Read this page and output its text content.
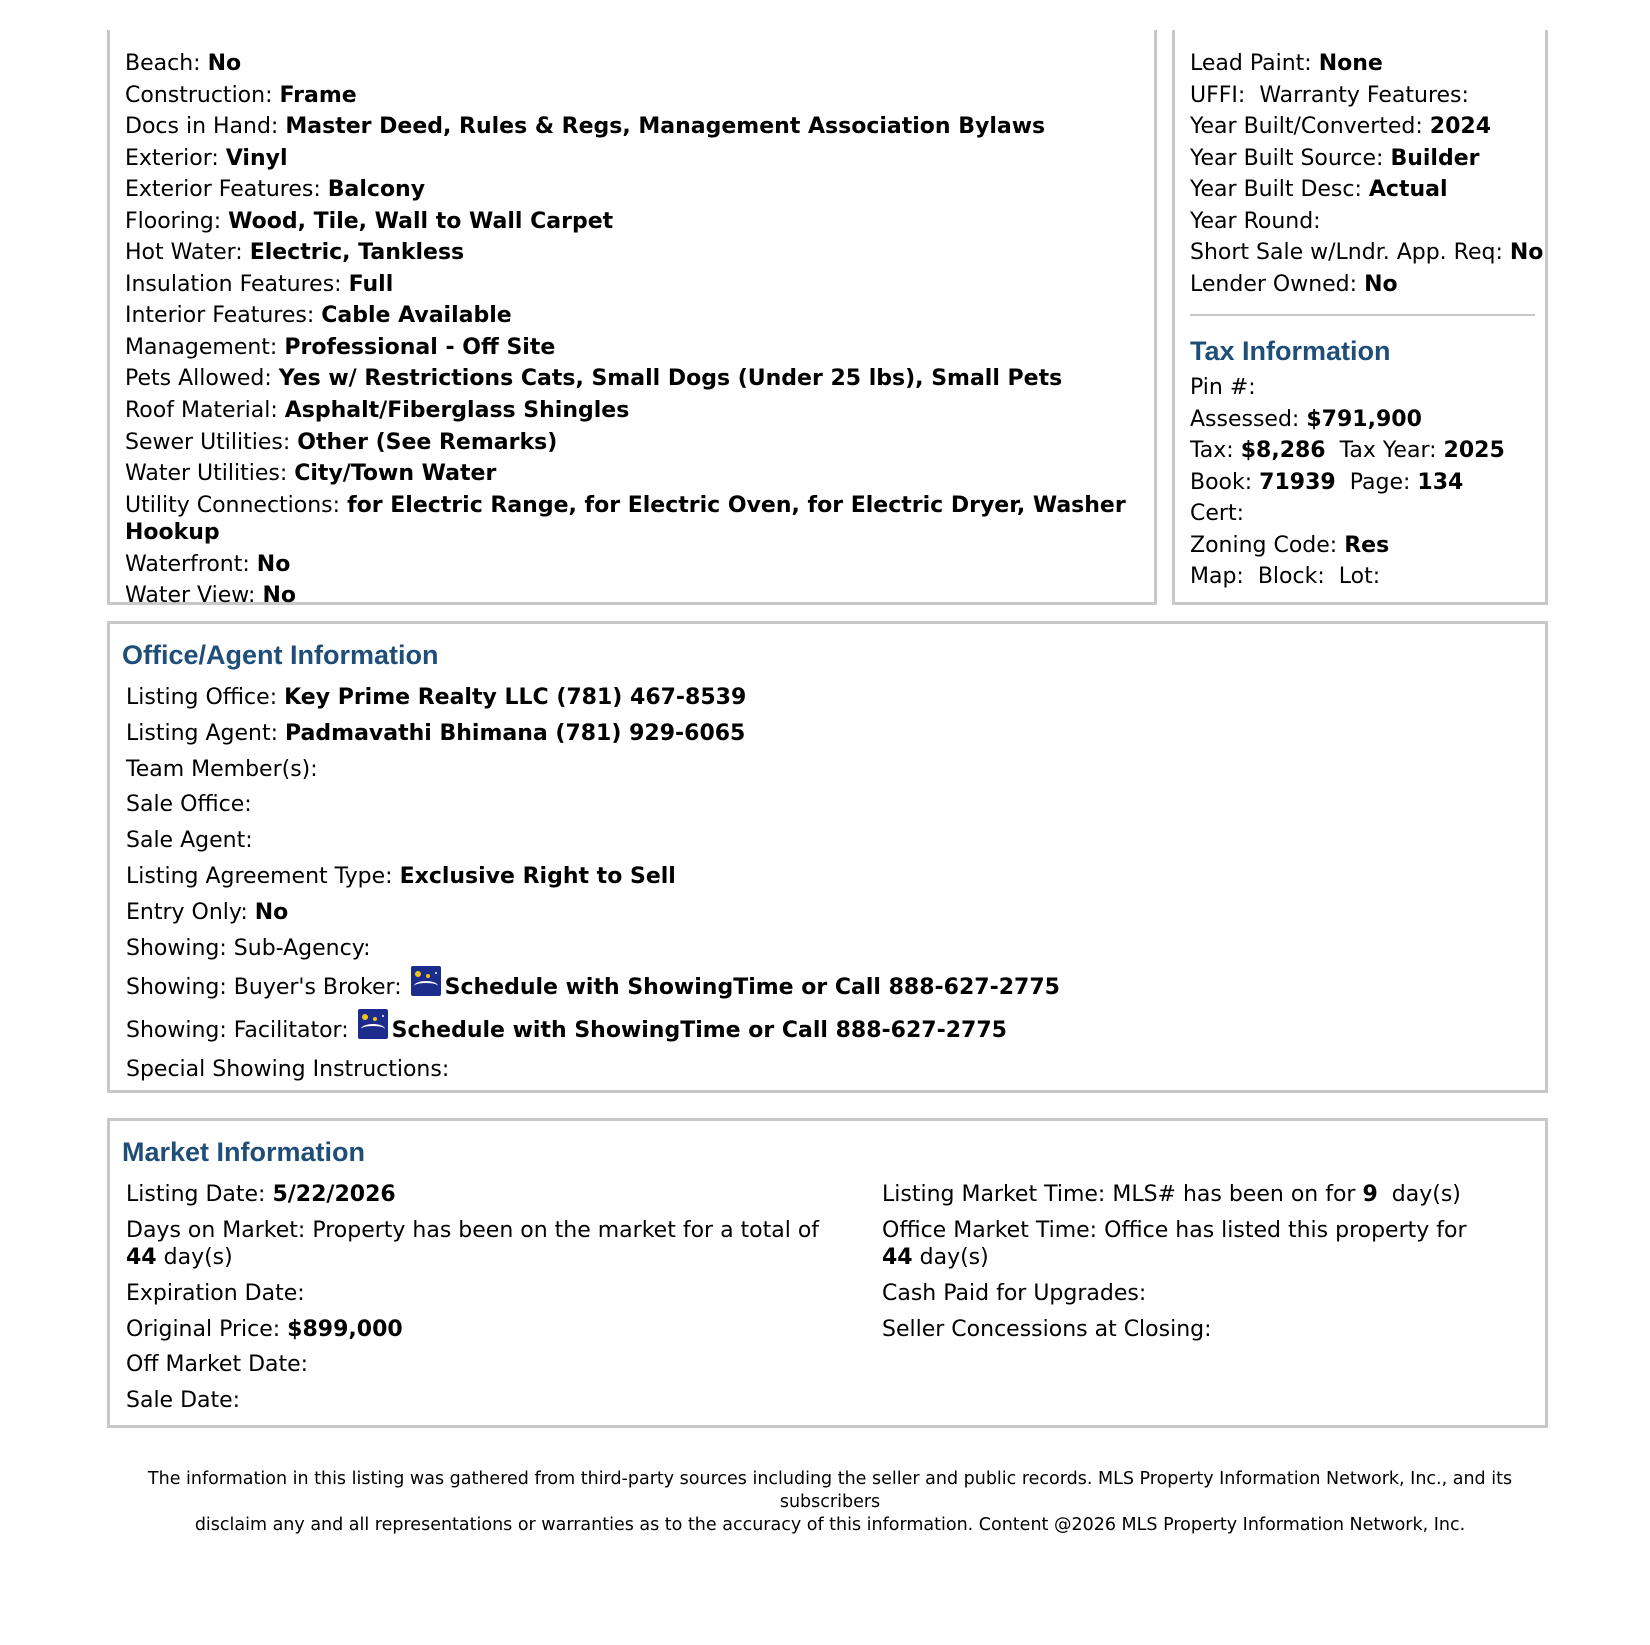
Beach: No
Construction: Frame
Docs in Hand: Master Deed, Rules & Regs, Management Association Bylaws
Exterior: Vinyl
Exterior Features: Balcony
Flooring: Wood, Tile, Wall to Wall Carpet
Hot Water: Electric, Tankless
Insulation Features: Full
Interior Features: Cable Available
Management: Professional - Off Site
Pets Allowed: Yes w/ Restrictions Cats, Small Dogs (Under 25 lbs), Small Pets
Roof Material: Asphalt/Fiberglass Shingles
Sewer Utilities: Other (See Remarks)
Water Utilities: City/Town Water
Utility Connections: for Electric Range, for Electric Oven, for Electric Dryer, Washer Hookup
Waterfront: No
Water View: No
Lead Paint: None
UFFI: Warranty Features:
Year Built/Converted: 2024
Year Built Source: Builder
Year Built Desc: Actual
Year Round:
Short Sale w/Lndr. App. Req: No
Lender Owned: No
Tax Information
Pin #:
Assessed: $791,900
Tax: $8,286 Tax Year: 2025
Book: 71939 Page: 134
Cert:
Zoning Code: Res
Map: Block: Lot:
Office/Agent Information
Listing Office: Key Prime Realty LLC (781) 467-8539
Listing Agent: Padmavathi Bhimana (781) 929-6065
Team Member(s):
Sale Office:
Sale Agent:
Listing Agreement Type: Exclusive Right to Sell
Entry Only: No
Showing: Sub-Agency:
Showing: Buyer's Broker: Schedule with ShowingTime or Call 888-627-2775
Showing: Facilitator: Schedule with ShowingTime or Call 888-627-2775
Special Showing Instructions:
Market Information
Listing Date: 5/22/2026
Days on Market: Property has been on the market for a total of 44 day(s)
Expiration Date:
Original Price: $899,000
Off Market Date:
Sale Date:
Listing Market Time: MLS# has been on for 9 day(s)
Office Market Time: Office has listed this property for 44 day(s)
Cash Paid for Upgrades:
Seller Concessions at Closing:
The information in this listing was gathered from third-party sources including the seller and public records. MLS Property Information Network, Inc., and its subscribers
disclaim any and all representations or warranties as to the accuracy of this information. Content @2026 MLS Property Information Network, Inc.
